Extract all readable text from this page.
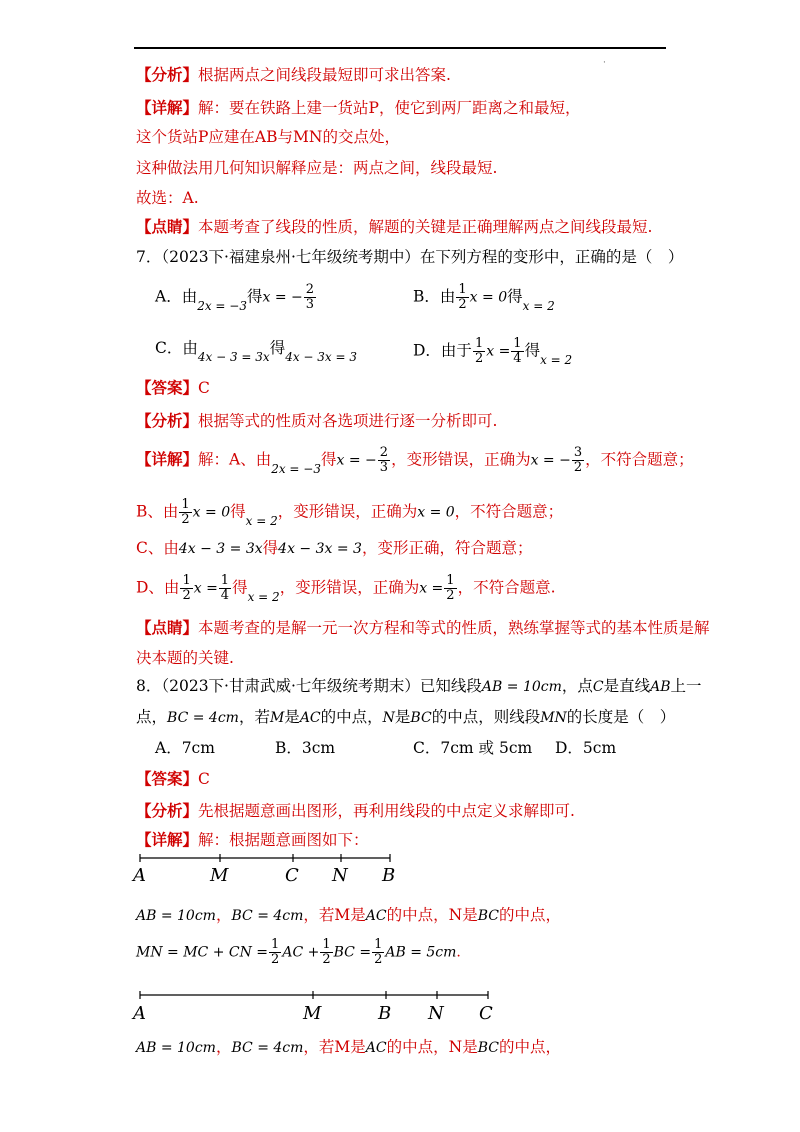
·
【分析】根据两点之间线段最短即可求出答案.
【详解】解：要在铁路上建一货站P，使它到两厂距离之和最短，
这个货站P应建在AB与MN的交点处，
这种做法用几何知识解释应是：两点之间，线段最短.
故选：A.
【点睛】本题考查了线段的性质，解题的关键是正确理解两点之间线段最短.
7．（2023下·福建泉州·七年级统考期中）在下列方程的变形中，正确的是（　）
A．由$_{2x = -3}$得x = − $\frac{2}{3}$	B．由 $\frac{1}{2}$ x = 0得$_{x = 2}$
C．由$_{4x - 3 = 3x}$得$_{4x - 3x = 3}$	D．由于 $\frac{1}{2}$ $x = \frac{1}{4}$ 得$_{x = 2}$
【答案】C
【分析】根据等式的性质对各选项进行逐一分析即可.
【详解】解：A、由$_{2x = -3}$得x = − $\frac{2}{3}$ ，变形错误，正确为x = − $\frac{3}{2}$ ，不符合题意；
B、由 $\frac{1}{2}$ x = 0得$_{x = 2}$，变形错误，正确为x = 0，不符合题意；
C、由4x − 3 = 3x得4x − 3x = 3，变形正确，符合题意；
D、由 $\frac{1}{2}$ $x = \frac{1}{4}$ 得$_{x = 2}$，变形错误，正确为$x = \frac{1}{2}$ ，不符合题意.
【点睛】本题考查的是解一元一次方程和等式的性质，熟练掌握等式的基本性质是解
决本题的关键.
8．（2023下·甘肃武威·七年级统考期末）已知线段AB = 10cm，点C是直线AB上一
点，BC = 4cm，若M是AC的中点，N是BC的中点，则线段MN的长度是（　）
A．7cm	B．3cm	C．7cm 或 5cm D．5cm
【答案】C
【分析】先根据题意画出图形，再利用线段的中点定义求解即可.
【详解】解：根据题意画图如下：
A	M	C N B
AB = 10cm，BC = 4cm，若M是AC的中点，N是BC的中点，
MN = MC + CN = $\frac{1}{2}$ AC + $\frac{1}{2}$ BC = $\frac{1}{2}$ AB = 5cm.
A	M	B N C
AB = 10cm，BC = 4cm，若M是AC的中点，N是BC的中点，
